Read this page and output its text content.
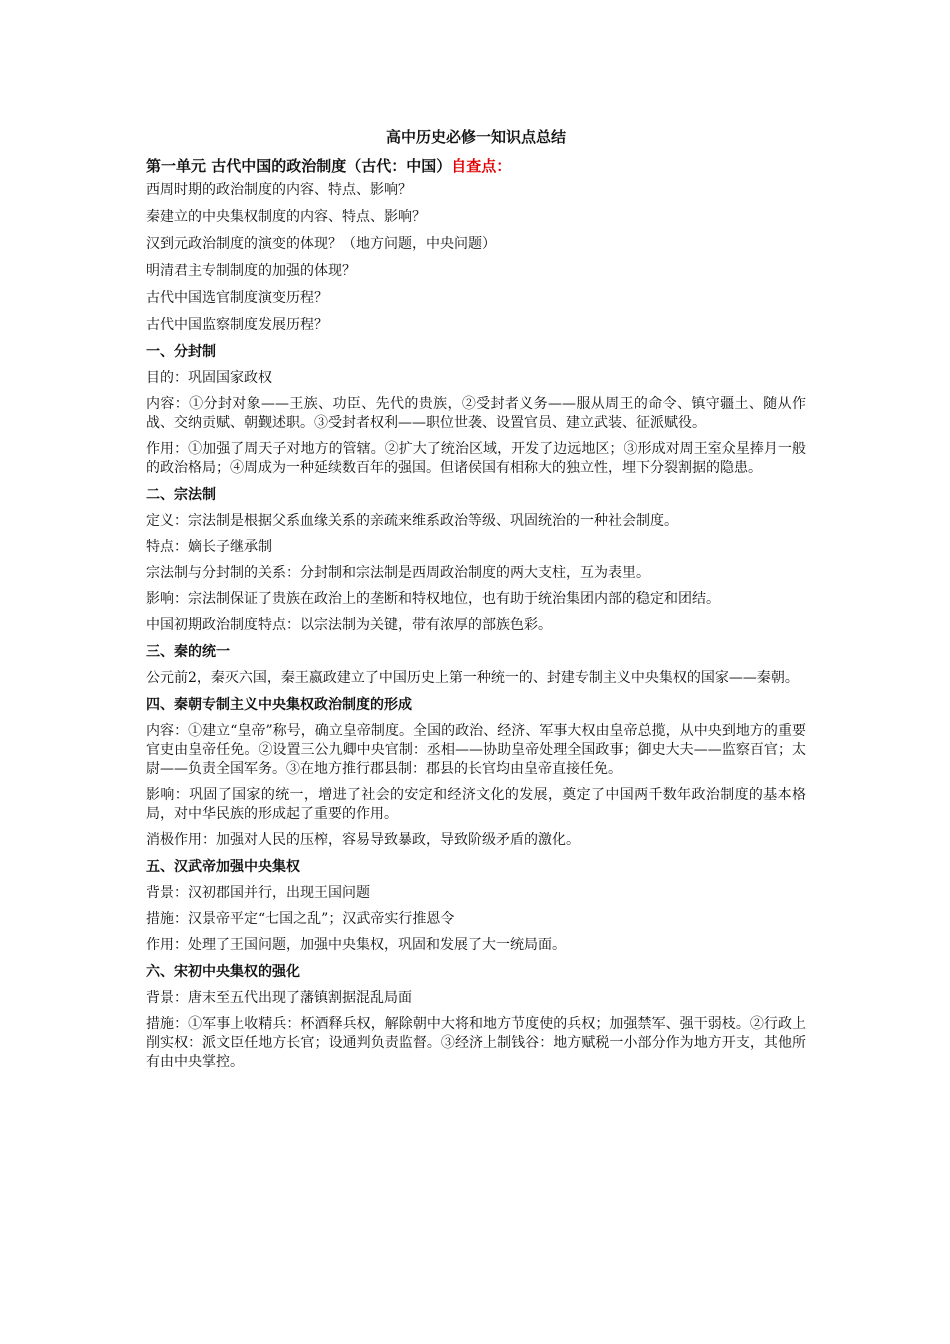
高中历史必修一知识点总结
第一单元 古代中国的政治制度（古代：中国）自查点：
西周时期的政治制度的内容、特点、影响？
秦建立的中央集权制度的内容、特点、影响？
汉到元政治制度的演变的体现？（地方问题，中央问题）
明清君主专制制度的加强的体现？
古代中国选官制度演变历程？
古代中国监察制度发展历程？
一、分封制
目的：巩固国家政权
内容：①分封对象——王族、功臣、先代的贵族，②受封者义务——服从周王的命令、镇守疆土、随从作战、交纳贡赋、朝觐述职。③受封者权利——职位世袭、设置官员、建立武装、征派赋役。
作用：①加强了周天子对地方的管辖。②扩大了统治区域，开发了边远地区；③形成对周王室众星捧月一般的政治格局；④周成为一种延续数百年的强国。但诸侯国有相称大的独立性，埋下分裂割据的隐患。
二、宗法制
定义：宗法制是根据父系血缘关系的亲疏来维系政治等级、巩固统治的一种社会制度。
特点：嫡长子继承制
宗法制与分封制的关系：分封制和宗法制是西周政治制度的两大支柱，互为表里。
影响：宗法制保证了贵族在政治上的垄断和特权地位，也有助于统治集团内部的稳定和团结。
中国初期政治制度特点：以宗法制为关键，带有浓厚的部族色彩。
三、秦的统一
公元前2，秦灭六国，秦王嬴政建立了中国历史上第一种统一的、封建专制主义中央集权的国家——秦朝。
四、秦朝专制主义中央集权政治制度的形成
内容：①建立“皇帝”称号，确立皇帝制度。全国的政治、经济、军事大权由皇帝总揽，从中央到地方的重要官吏由皇帝任免。②设置三公九卿中央官制：丞相——协助皇帝处理全国政事；御史大夫——监察百官；太尉——负责全国军务。③在地方推行郡县制：郡县的长官均由皇帝直接任免。
影响：巩固了国家的统一，增进了社会的安定和经济文化的发展，奠定了中国两千数年政治制度的基本格局，对中华民族的形成起了重要的作用。
消极作用：加强对人民的压榨，容易导致暴政，导致阶级矛盾的激化。
五、汉武帝加强中央集权
背景：汉初郡国并行，出现王国问题
措施：汉景帝平定“七国之乱”；汉武帝实行推恩令
作用：处理了王国问题，加强中央集权，巩固和发展了大一统局面。
六、宋初中央集权的强化
背景：唐末至五代出现了藩镇割据混乱局面
措施：①军事上收精兵：杯酒释兵权，解除朝中大将和地方节度使的兵权；加强禁军、强干弱枝。②行政上削实权：派文臣任地方长官；设通判负责监督。③经济上制钱谷：地方赋税一小部分作为地方开支，其他所有由中央掌控。
